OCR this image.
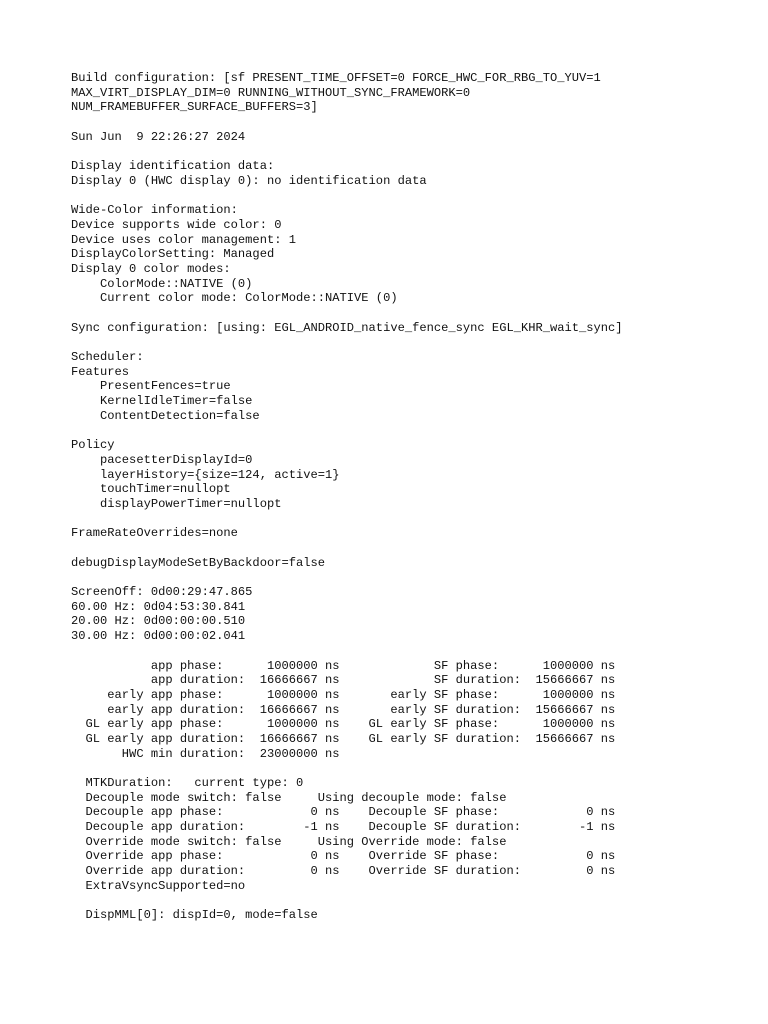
Build configuration: [sf PRESENT_TIME_OFFSET=0 FORCE_HWC_FOR_RBG_TO_YUV=1
MAX_VIRT_DISPLAY_DIM=0 RUNNING_WITHOUT_SYNC_FRAMEWORK=0
NUM_FRAMEBUFFER_SURFACE_BUFFERS=3]
Sun Jun  9 22:26:27 2024
Display identification data:
Display 0 (HWC display 0): no identification data
Wide-Color information:
Device supports wide color: 0
Device uses color management: 1
DisplayColorSetting: Managed
Display 0 color modes:
ColorMode::NATIVE (0)
Current color mode: ColorMode::NATIVE (0)
Sync configuration: [using: EGL_ANDROID_native_fence_sync EGL_KHR_wait_sync]
Scheduler:
Features
PresentFences=true
KernelIdleTimer=false
ContentDetection=false
Policy
pacesetterDisplayId=0
layerHistory={size=124, active=1}
touchTimer=nullopt
displayPowerTimer=nullopt
FrameRateOverrides=none
debugDisplayModeSetByBackdoor=false
ScreenOff: 0d00:29:47.865
60.00 Hz: 0d04:53:30.841
20.00 Hz: 0d00:00:00.510
30.00 Hz: 0d00:00:02.041
app phase:      1000000 ns             SF phase:      1000000 ns
app duration:  16666667 ns             SF duration:  15666667 ns
early app phase:      1000000 ns       early SF phase:      1000000 ns
early app duration:  16666667 ns       early SF duration:  15666667 ns
GL early app phase:      1000000 ns    GL early SF phase:      1000000 ns
GL early app duration:  16666667 ns    GL early SF duration:  15666667 ns
HWC min duration:  23000000 ns
MTKDuration:   current type: 0
Decouple mode switch: false     Using decouple mode: false
Decouple app phase:            0 ns    Decouple SF phase:            0 ns
Decouple app duration:        -1 ns    Decouple SF duration:        -1 ns
Override mode switch: false     Using Override mode: false
Override app phase:            0 ns    Override SF phase:            0 ns
Override app duration:         0 ns    Override SF duration:         0 ns
ExtraVsyncSupported=no
DispMML[0]: dispId=0, mode=false
